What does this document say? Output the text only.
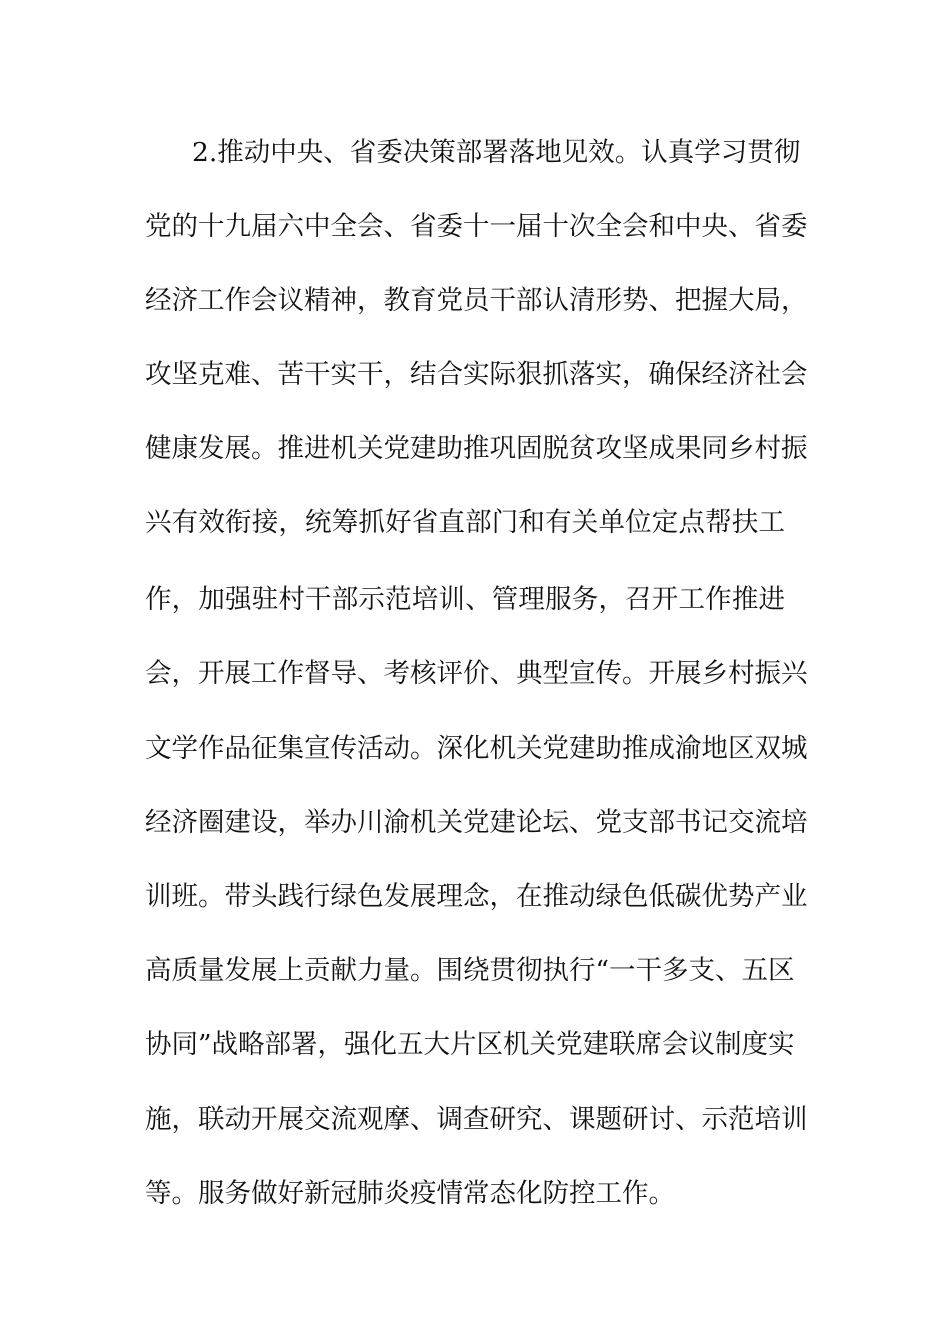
2.推动中央、省委决策部署落地见效。认真学习贯彻
党的十九届六中全会、省委十一届十次全会和中央、省委
经济工作会议精神，教育党员干部认清形势、把握大局，
攻坚克难、苦干实干，结合实际狠抓落实，确保经济社会
健康发展。推进机关党建助推巩固脱贫攻坚成果同乡村振
兴有效衔接，统筹抓好省直部门和有关单位定点帮扶工
作，加强驻村干部示范培训、管理服务，召开工作推进
会，开展工作督导、考核评价、典型宣传。开展乡村振兴
文学作品征集宣传活动。深化机关党建助推成渝地区双城
经济圈建设，举办川渝机关党建论坛、党支部书记交流培
训班。带头践行绿色发展理念，在推动绿色低碳优势产业
高质量发展上贡献力量。围绕贯彻执行“一干多支、五区
协同”战略部署，强化五大片区机关党建联席会议制度实
施，联动开展交流观摩、调查研究、课题研讨、示范培训
等。服务做好新冠肺炎疫情常态化防控工作。
